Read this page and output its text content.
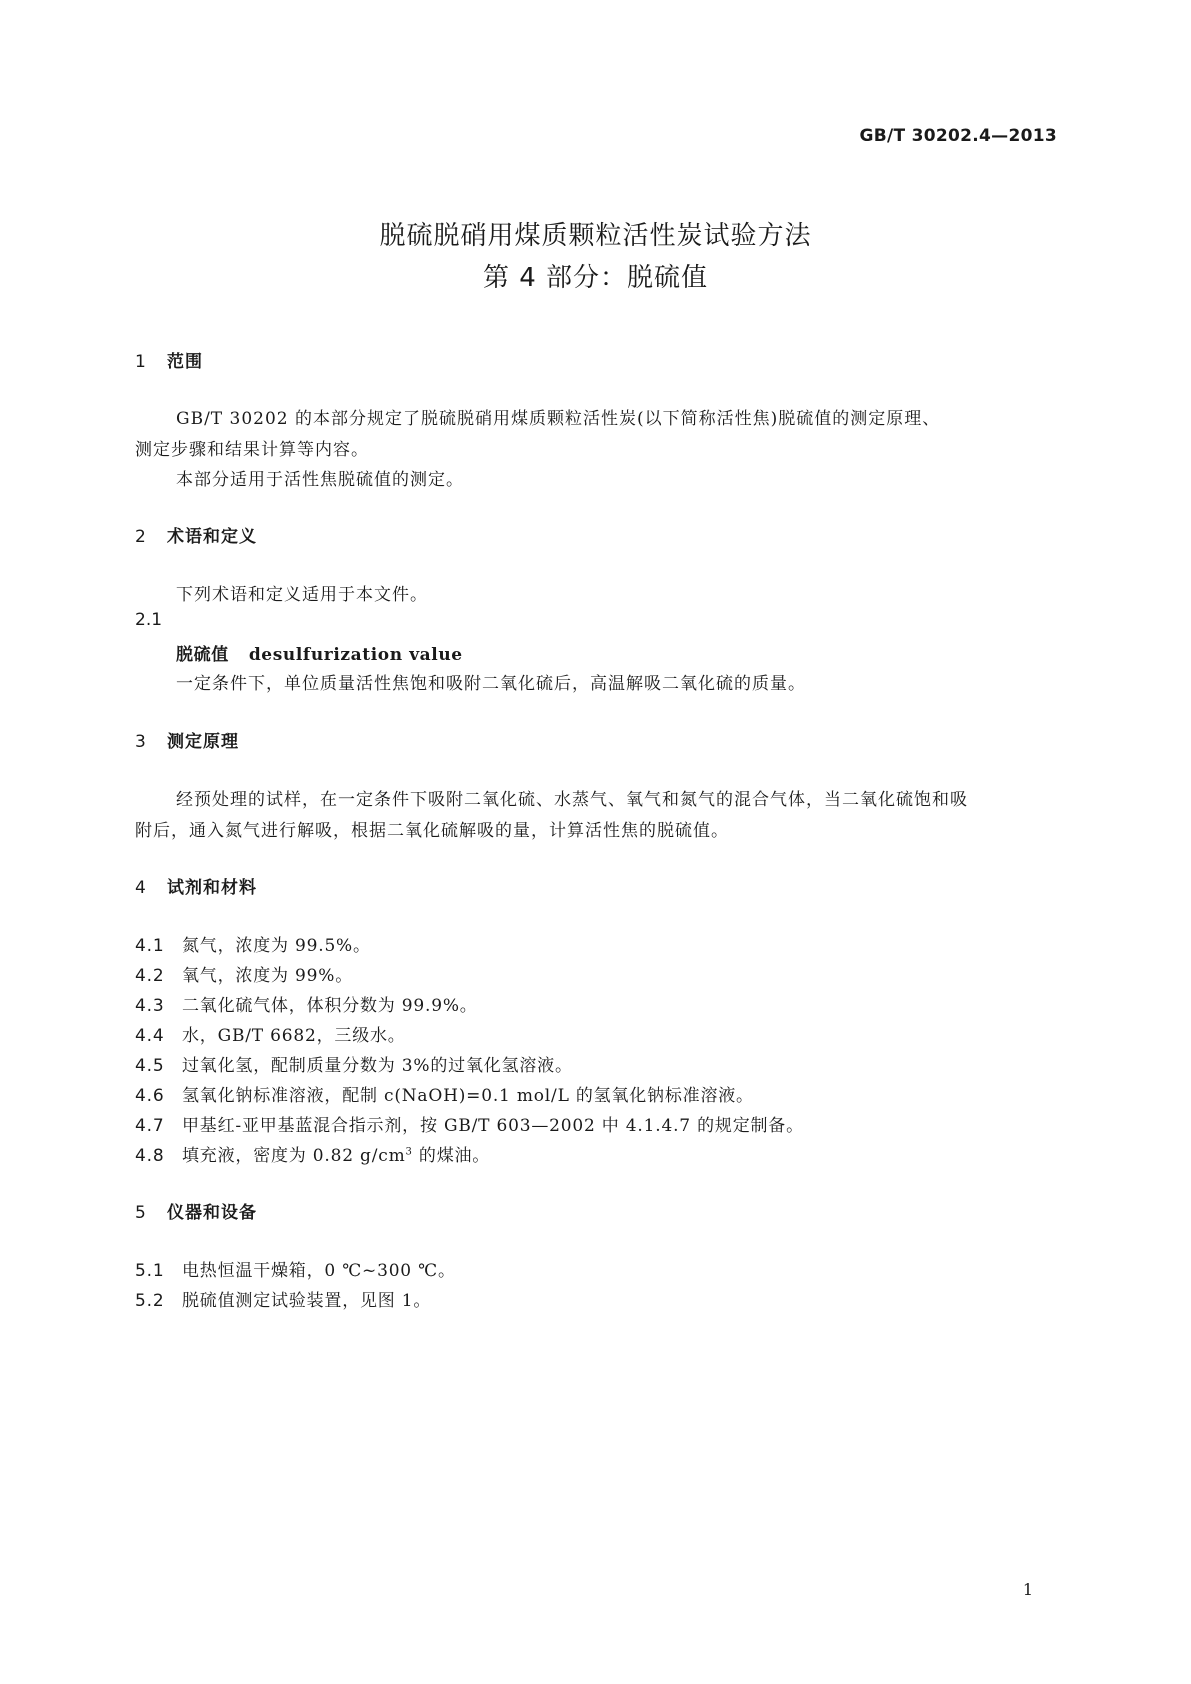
GB/T 30202.4—2013
脱硫脱硝用煤质颗粒活性炭试验方法
第 4 部分：脱硫值
1 范围
GB/T 30202 的本部分规定了脱硫脱硝用煤质颗粒活性炭(以下简称活性焦)脱硫值的测定原理、
测定步骤和结果计算等内容。
本部分适用于活性焦脱硫值的测定。
2 术语和定义
下列术语和定义适用于本文件。
2.1
脱硫值 desulfurization value
一定条件下，单位质量活性焦饱和吸附二氧化硫后，高温解吸二氧化硫的质量。
3 测定原理
经预处理的试样，在一定条件下吸附二氧化硫、水蒸气、氧气和氮气的混合气体，当二氧化硫饱和吸
附后，通入氮气进行解吸，根据二氧化硫解吸的量，计算活性焦的脱硫值。
4 试剂和材料
4.1 氮气，浓度为 99.5%。
4.2 氧气，浓度为 99%。
4.3 二氧化硫气体，体积分数为 99.9%。
4.4 水，GB/T 6682，三级水。
4.5 过氧化氢，配制质量分数为 3%的过氧化氢溶液。
4.6 氢氧化钠标准溶液，配制 c(NaOH)=0.1 mol/L 的氢氧化钠标准溶液。
4.7 甲基红-亚甲基蓝混合指示剂，按 GB/T 603—2002 中 4.1.4.7 的规定制备。
4.8 填充液，密度为 0.82 $g/cm^3$ 的煤油。
5 仪器和设备
5.1 电热恒温干燥箱，0 ℃~300 ℃。
5.2 脱硫值测定试验装置，见图 1。
1
